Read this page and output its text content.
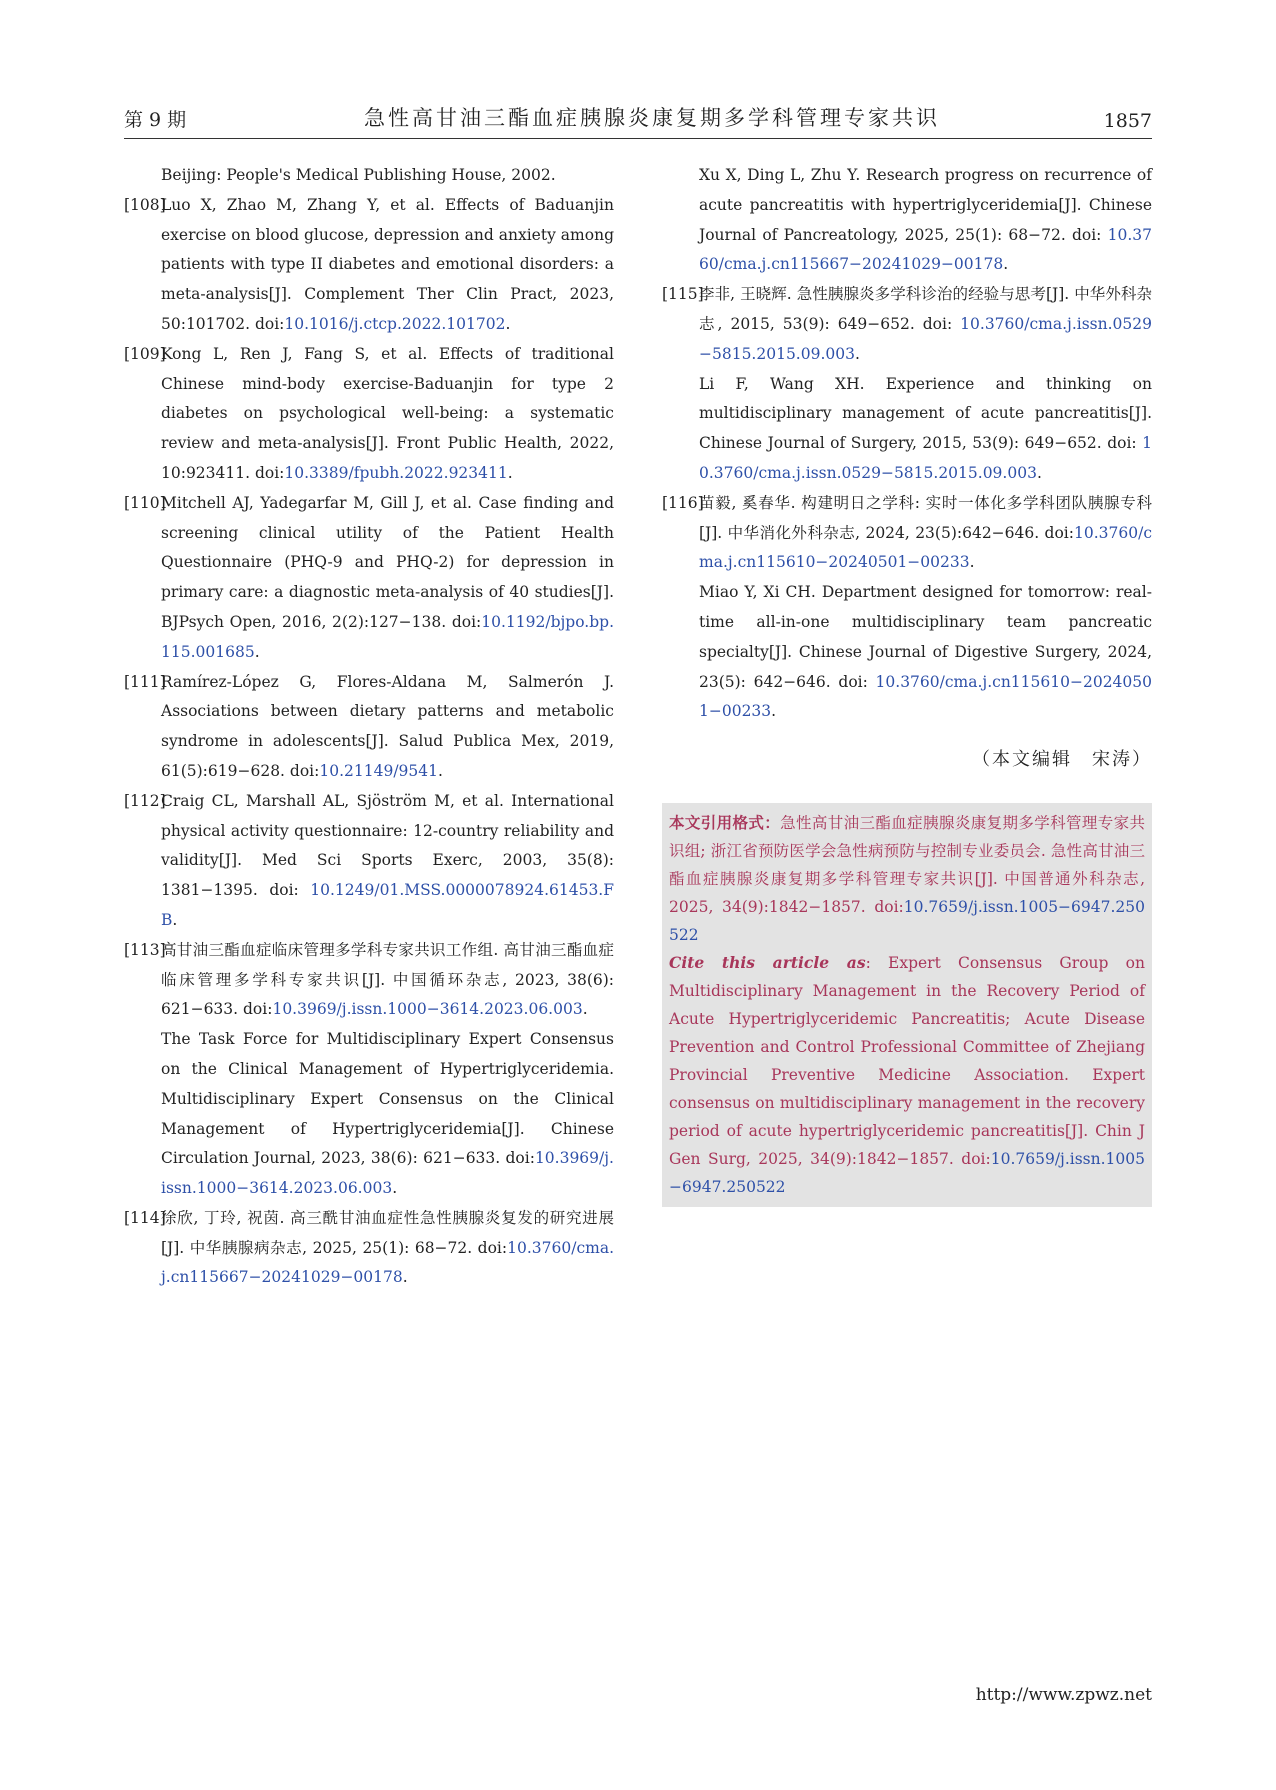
第 9 期	急性高甘油三酯血症胰腺炎康复期多学科管理专家共识	1857

Beijing: People's Medical Publishing House, 2002.

[108]
Luo X, Zhao M, Zhang Y, et al. Effects of Baduanjin exercise on blood glucose, depression and anxiety among patients with type II diabetes and emotional disorders: a meta-analysis[J]. Complement Ther Clin Pract, 2023, 50:101702. doi:10.1016/j.ctcp.2022.101702.

[109]
Kong L, Ren J, Fang S, et al. Effects of traditional Chinese mind-body exercise-Baduanjin for type 2 diabetes on psychological well-being: a systematic review and meta-analysis[J]. Front Public Health, 2022, 10:923411. doi:10.3389/fpubh.2022.923411.

[110]
Mitchell AJ, Yadegarfar M, Gill J, et al. Case finding and screening clinical utility of the Patient Health Questionnaire (PHQ-9 and PHQ-2) for depression in primary care: a diagnostic meta-analysis of 40 studies[J]. BJPsych Open, 2016, 2(2):127−138. doi:10.1192/bjpo.bp.115.001685.

[111]
Ramírez-López G, Flores-Aldana M, Salmerón J. Associations between dietary patterns and metabolic syndrome in adolescents[J]. Salud Publica Mex, 2019, 61(5):619−628. doi:10.21149/9541.

[112]
Craig CL, Marshall AL, Sjöström M, et al. International physical activity questionnaire: 12-country reliability and validity[J]. Med Sci Sports Exerc, 2003, 35(8): 1381−1395. doi: 10.1249/01.MSS.0000078924.61453.FB.

[113]
高甘油三酯血症临床管理多学科专家共识工作组. 高甘油三酯血症临床管理多学科专家共识[J]. 中国循环杂志, 2023, 38(6): 621−633. doi:10.3969/j.issn.1000−3614.2023.06.003.

The Task Force for Multidisciplinary Expert Consensus on the Clinical Management of Hypertriglyceridemia. Multidisciplinary Expert Consensus on the Clinical Management of Hypertriglyceridemia[J]. Chinese Circulation Journal, 2023, 38(6): 621−633. doi:10.3969/j.issn.1000−3614.2023.06.003.

[114]
徐欣, 丁玲, 祝茵. 高三酰甘油血症性急性胰腺炎复发的研究进展[J]. 中华胰腺病杂志, 2025, 25(1): 68−72. doi:10.3760/cma.j.cn115667−20241029−00178.

Xu X, Ding L, Zhu Y. Research progress on recurrence of acute pancreatitis with hypertriglyceridemia[J]. Chinese Journal of Pancreatology, 2025, 25(1): 68−72. doi: 10.3760/cma.j.cn115667−20241029−00178.

[115]
李非, 王晓辉. 急性胰腺炎多学科诊治的经验与思考[J]. 中华外科杂志, 2015, 53(9): 649−652. doi: 10.3760/cma.j.issn.0529−5815.2015.09.003.

Li F, Wang XH. Experience and thinking on multidisciplinary management of acute pancreatitis[J]. Chinese Journal of Surgery, 2015, 53(9): 649−652. doi: 10.3760/cma.j.issn.0529−5815.2015.09.003.

[116]
苗毅, 奚春华. 构建明日之学科: 实时一体化多学科团队胰腺专科[J]. 中华消化外科杂志, 2024, 23(5):642−646. doi:10.3760/cma.j.cn115610−20240501−00233.

Miao Y, Xi CH. Department designed for tomorrow: real-time all-in-one multidisciplinary team pancreatic specialty[J]. Chinese Journal of Digestive Surgery, 2024, 23(5): 642−646. doi: 10.3760/cma.j.cn115610−20240501−00233.

（本文编辑　宋涛）
本文引用格式：急性高甘油三酯血症胰腺炎康复期多学科管理专家共识组; 浙江省预防医学会急性病预防与控制专业委员会. 急性高甘油三酯血症胰腺炎康复期多学科管理专家共识[J]. 中国普通外科杂志, 2025, 34(9):1842−1857. doi:10.7659/j.issn.1005−6947.250522
Cite this article as: Expert Consensus Group on Multidisciplinary Management in the Recovery Period of Acute Hypertriglyceridemic Pancreatitis; Acute Disease Prevention and Control Professional Committee of Zhejiang Provincial Preventive Medicine Association. Expert consensus on multidisciplinary management in the recovery period of acute hypertriglyceridemic pancreatitis[J]. Chin J Gen Surg, 2025, 34(9):1842−1857. doi:10.7659/j.issn.1005−6947.250522
http://www.zpwz.net
